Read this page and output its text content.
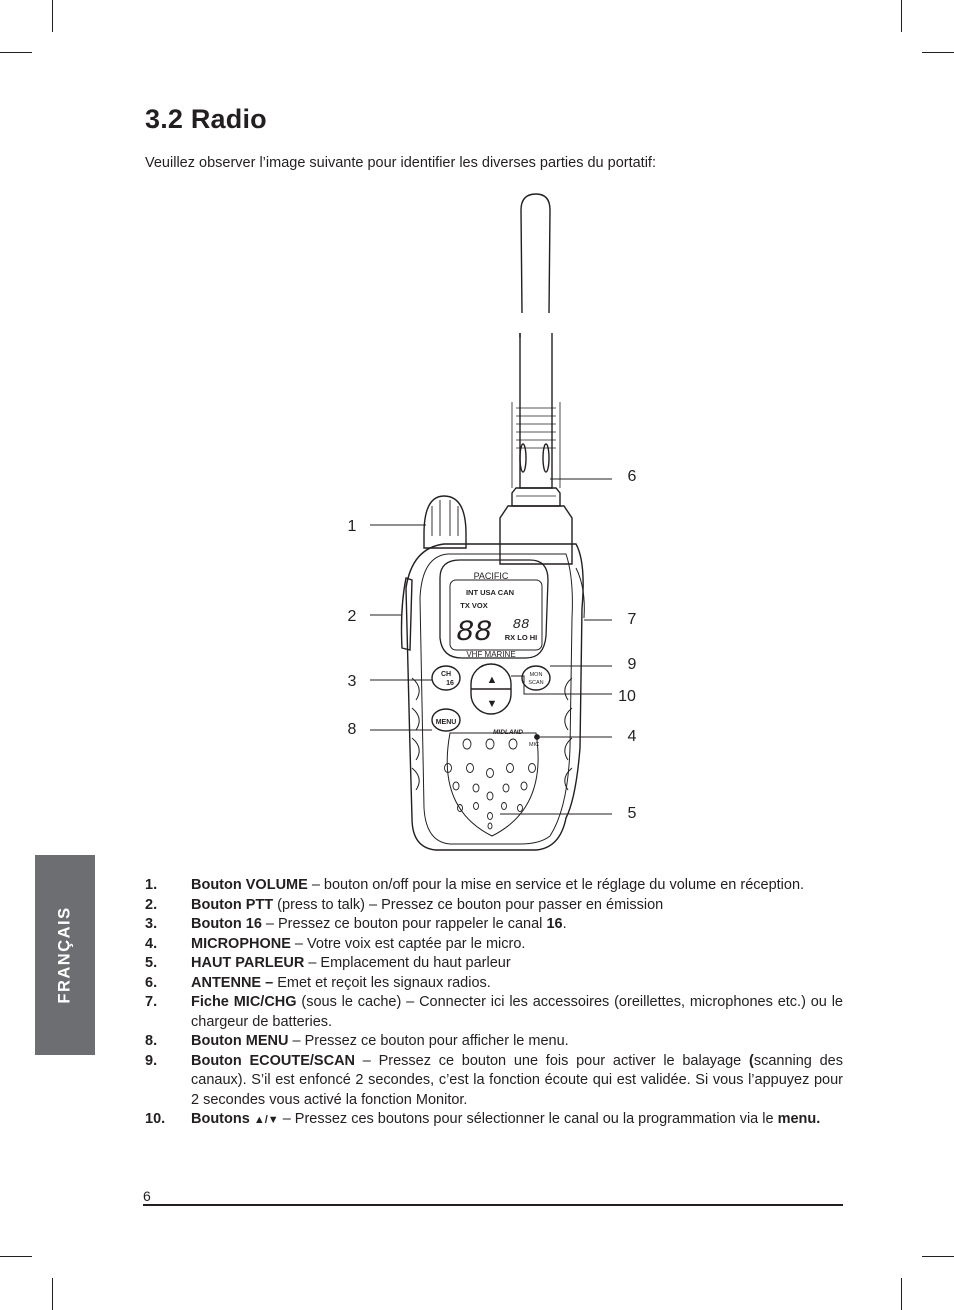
3.2 Radio

Veuillez observer l’image suivante pour identifier les diverses parties du portatif:

PACIFIC
INT USA CAN
TX VOX
88 88
RX LO HI
VHF MARINE
CH
16
MON
SCAN
MENU
MIDLAND
MIC
▲
▼
1
2
3
8
6
7
9
10
4
5
FRANÇAIS
1. Bouton VOLUME – bouton on/off pour la mise en service et le réglage du volume en réception.
2. Bouton PTT (press to talk) – Pressez ce bouton pour passer en émission
3. Bouton 16 – Pressez ce bouton pour rappeler le canal 16.
4. MICROPHONE – Votre voix est captée par le micro.
5. HAUT PARLEUR – Emplacement du haut parleur
6. ANTENNE – Emet et reçoit les signaux radios.
7. Fiche MIC/CHG (sous le cache) – Connecter ici les accessoires (oreillettes, microphones etc.) ou le chargeur de batteries.
8. Bouton MENU – Pressez ce bouton pour afficher le menu.
9. Bouton ECOUTE/SCAN – Pressez ce bouton une fois pour activer le balayage (scanning des canaux). S’il est enfoncé 2 secondes, c’est la fonction écoute qui est validée. Si vous l’appuyez pour 2 secondes vous activé la fonction Monitor.
10. Boutons ▲/▼ – Pressez ces boutons pour sélectionner le canal ou la programmation via le menu.
6
